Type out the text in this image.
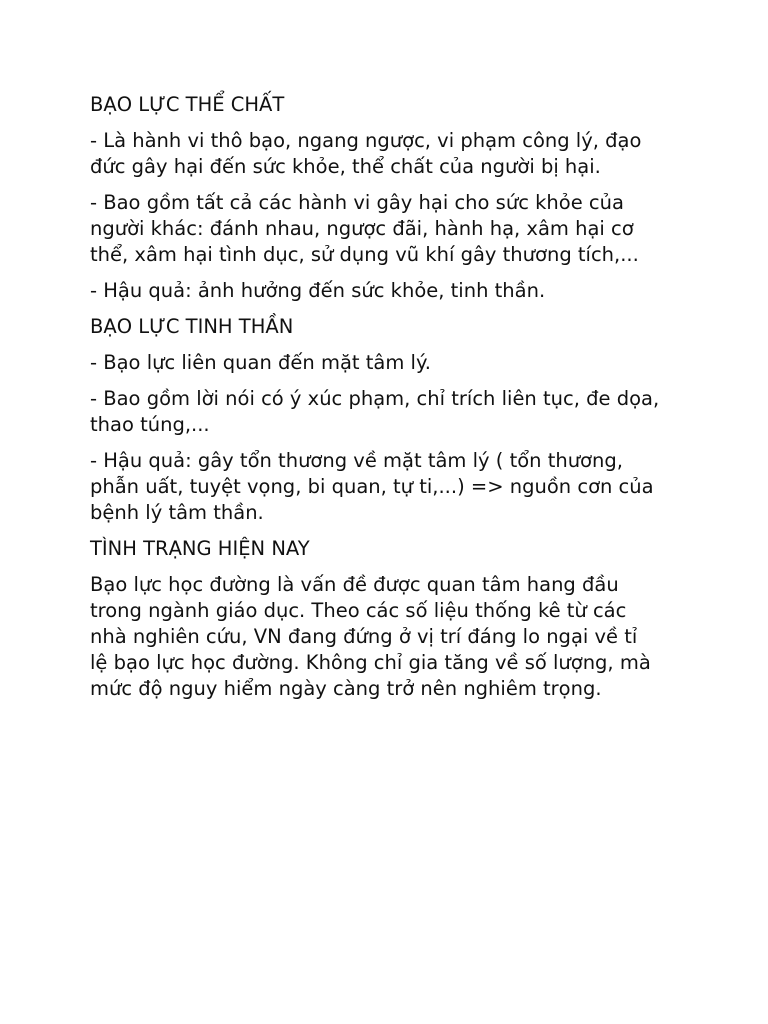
BẠO LỰC THỂ CHẤT
- Là hành vi thô bạo, ngang ngược, vi phạm công lý, đạo
đức gây hại đến sức khỏe, thể chất của người bị hại.
- Bao gồm tất cả các hành vi gây hại cho sức khỏe của
người khác: đánh nhau, ngược đãi, hành hạ, xâm hại cơ
thể, xâm hại tình dục, sử dụng vũ khí gây thương tích,...
- Hậu quả: ảnh hưởng đến sức khỏe, tinh thần.
BẠO LỰC TINH THẦN
- Bạo lực liên quan đến mặt tâm lý.
- Bao gồm lời nói có ý xúc phạm, chỉ trích liên tục, đe dọa,
thao túng,...
- Hậu quả: gây tổn thương về mặt tâm lý ( tổn thương,
phẫn uất, tuyệt vọng, bi quan, tự ti,...) => nguồn cơn của
bệnh lý tâm thần.
TÌNH TRẠNG HIỆN NAY
Bạo lực học đường là vấn đề được quan tâm hang đầu
trong ngành giáo dục. Theo các số liệu thống kê từ các
nhà nghiên cứu, VN đang đứng ở vị trí đáng lo ngại về tỉ
lệ bạo lực học đường. Không chỉ gia tăng về số lượng, mà
mức độ nguy hiểm ngày càng trở nên nghiêm trọng.
